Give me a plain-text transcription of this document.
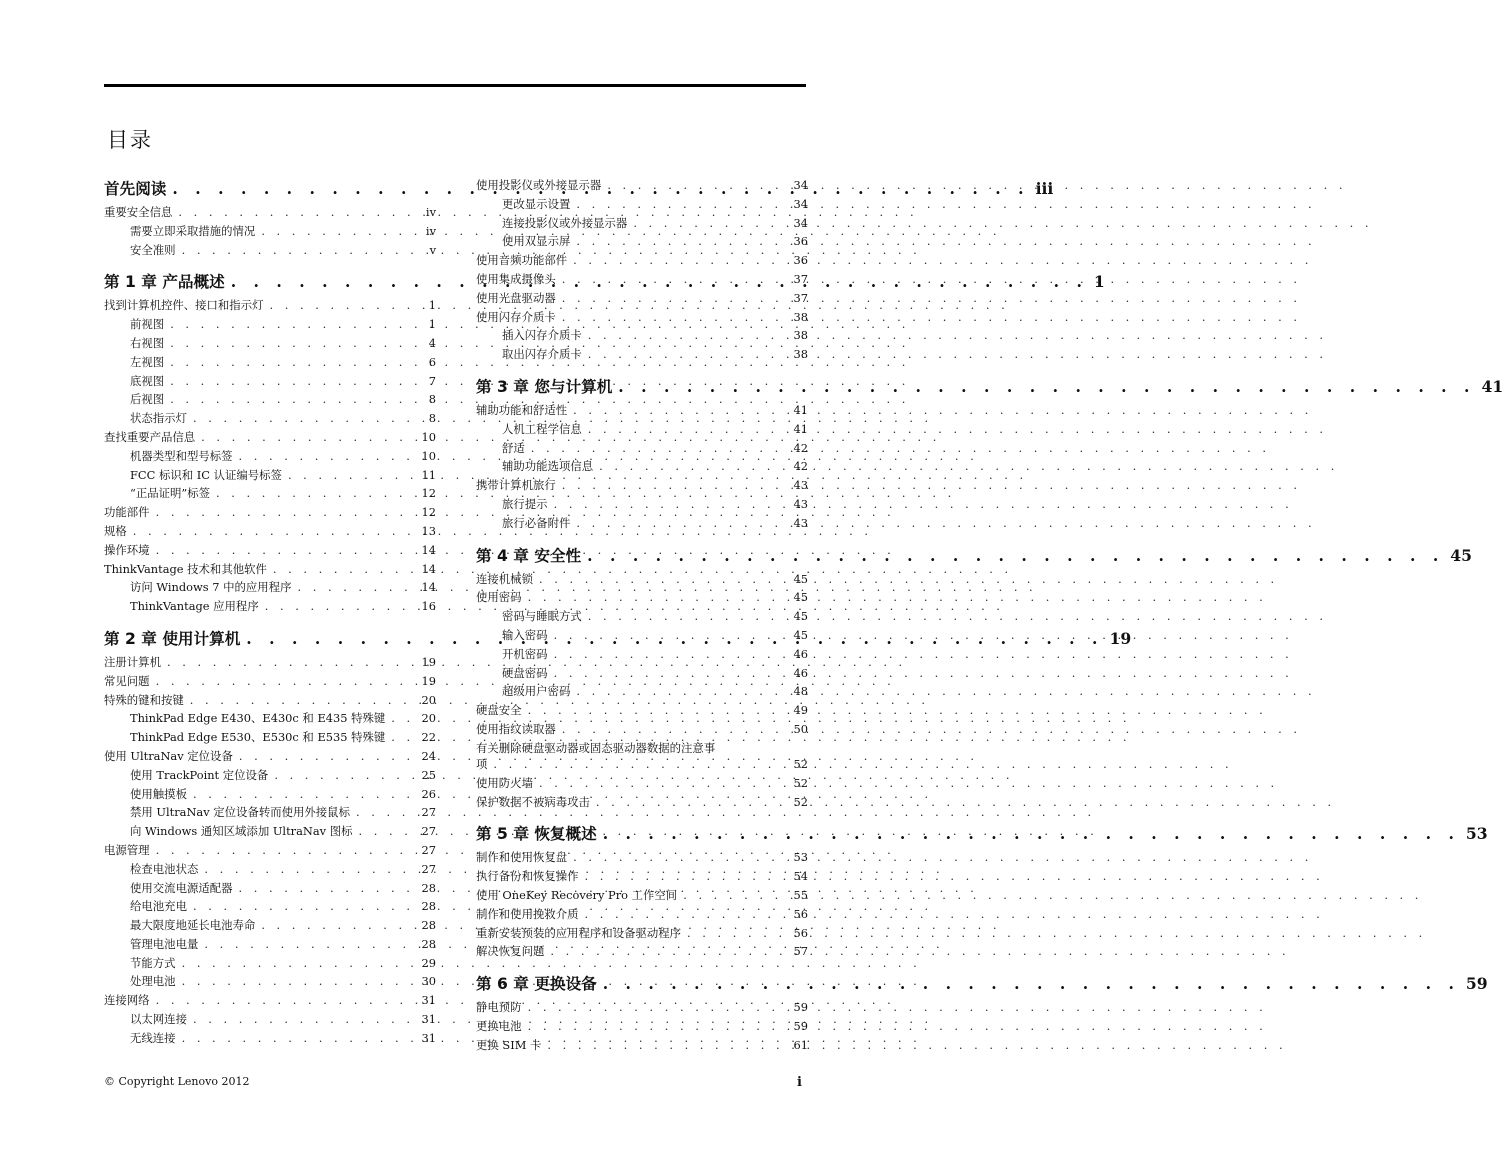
目录
首先阅读 . . .	iii
重要安全信息 . . .	iv
需要立即采取措施的情况 . . .	iv
安全准则 . . .	v
第 1 章 产品概述 . . .	1
找到计算机控件、接口和指示灯 . . .	1
前视图 . . .	1
右视图 . . .	4
左视图 . . .	6
底视图 . . .	7
后视图 . . .	8
状态指示灯 . . .	8
查找重要产品信息 . . .	10
机器类型和型号标签 . . .	10
FCC 标识和 IC 认证编号标签 . . .	11
“正品证明”标签 . . .	12
功能部件 . . .	12
规格 . . .	13
操作环境 . . .	14
ThinkVantage 技术和其他软件 . . .	14
访问 Windows 7 中的应用程序 . . .	14
ThinkVantage 应用程序 . . .	16
第 2 章 使用计算机 . . .	19
注册计算机 . . .	19
常见问题 . . .	19
特殊的键和按键 . . .	20
ThinkPad Edge E430、E430c 和 E435 特殊键 . . .	20
ThinkPad Edge E530、E530c 和 E535 特殊键 . . .	22
使用 UltraNav 定位设备 . . .	24
使用 TrackPoint 定位设备 . . .	25
使用触摸板 . . .	26
禁用 UltraNav 定位设备转而使用外接鼠标 . . .	27
向 Windows 通知区域添加 UltraNav 图标 . . .	27
电源管理 . . .	27
检查电池状态 . . .	27
使用交流电源适配器 . . .	28
给电池充电 . . .	28
最大限度地延长电池寿命 . . .	28
管理电池电量 . . .	28
节能方式 . . .	29
处理电池 . . .	30
连接网络 . . .	31
以太网连接 . . .	31
无线连接 . . .	31
使用投影仪或外接显示器 . . .	34
更改显示设置 . . .	34
连接投影仪或外接显示器 . . .	34
使用双显示屏 . . .	36
使用音频功能部件 . . .	36
使用集成摄像头 . . .	37
使用光盘驱动器 . . .	37
使用闪存介质卡 . . .	38
插入闪存介质卡 . . .	38
取出闪存介质卡 . . .	38
第 3 章 您与计算机 . . .	41
辅助功能和舒适性 . . .	41
人机工程学信息 . . .	41
舒适 . . .	42
辅助功能选项信息 . . .	42
携带计算机旅行 . . .	43
旅行提示 . . .	43
旅行必备附件 . . .	43
第 4 章 安全性 . . .	45
连接机械锁 . . .	45
使用密码 . . .	45
密码与睡眠方式 . . .	45
输入密码 . . .	45
开机密码 . . .	46
硬盘密码 . . .	46
超级用户密码 . . .	48
硬盘安全 . . .	49
使用指纹读取器 . . .	50
有关删除硬盘驱动器或固态驱动器数据的注意事
项 . . .	52
使用防火墙 . . .	52
保护数据不被病毒攻击 . . .	52
第 5 章 恢复概述 . . .	53
制作和使用恢复盘 . . .	53
执行备份和恢复操作 . . .	54
使用 OneKey Recovery Pro 工作空间 . . .	55
制作和使用挽救介质 . . .	56
重新安装预装的应用程序和设备驱动程序 . . .	56
解决恢复问题 . . .	57
第 6 章 更换设备 . . .	59
静电预防 . . .	59
更换电池 . . .	59
更换 SIM 卡 . . .	61
© Copyright Lenovo 2012	i
